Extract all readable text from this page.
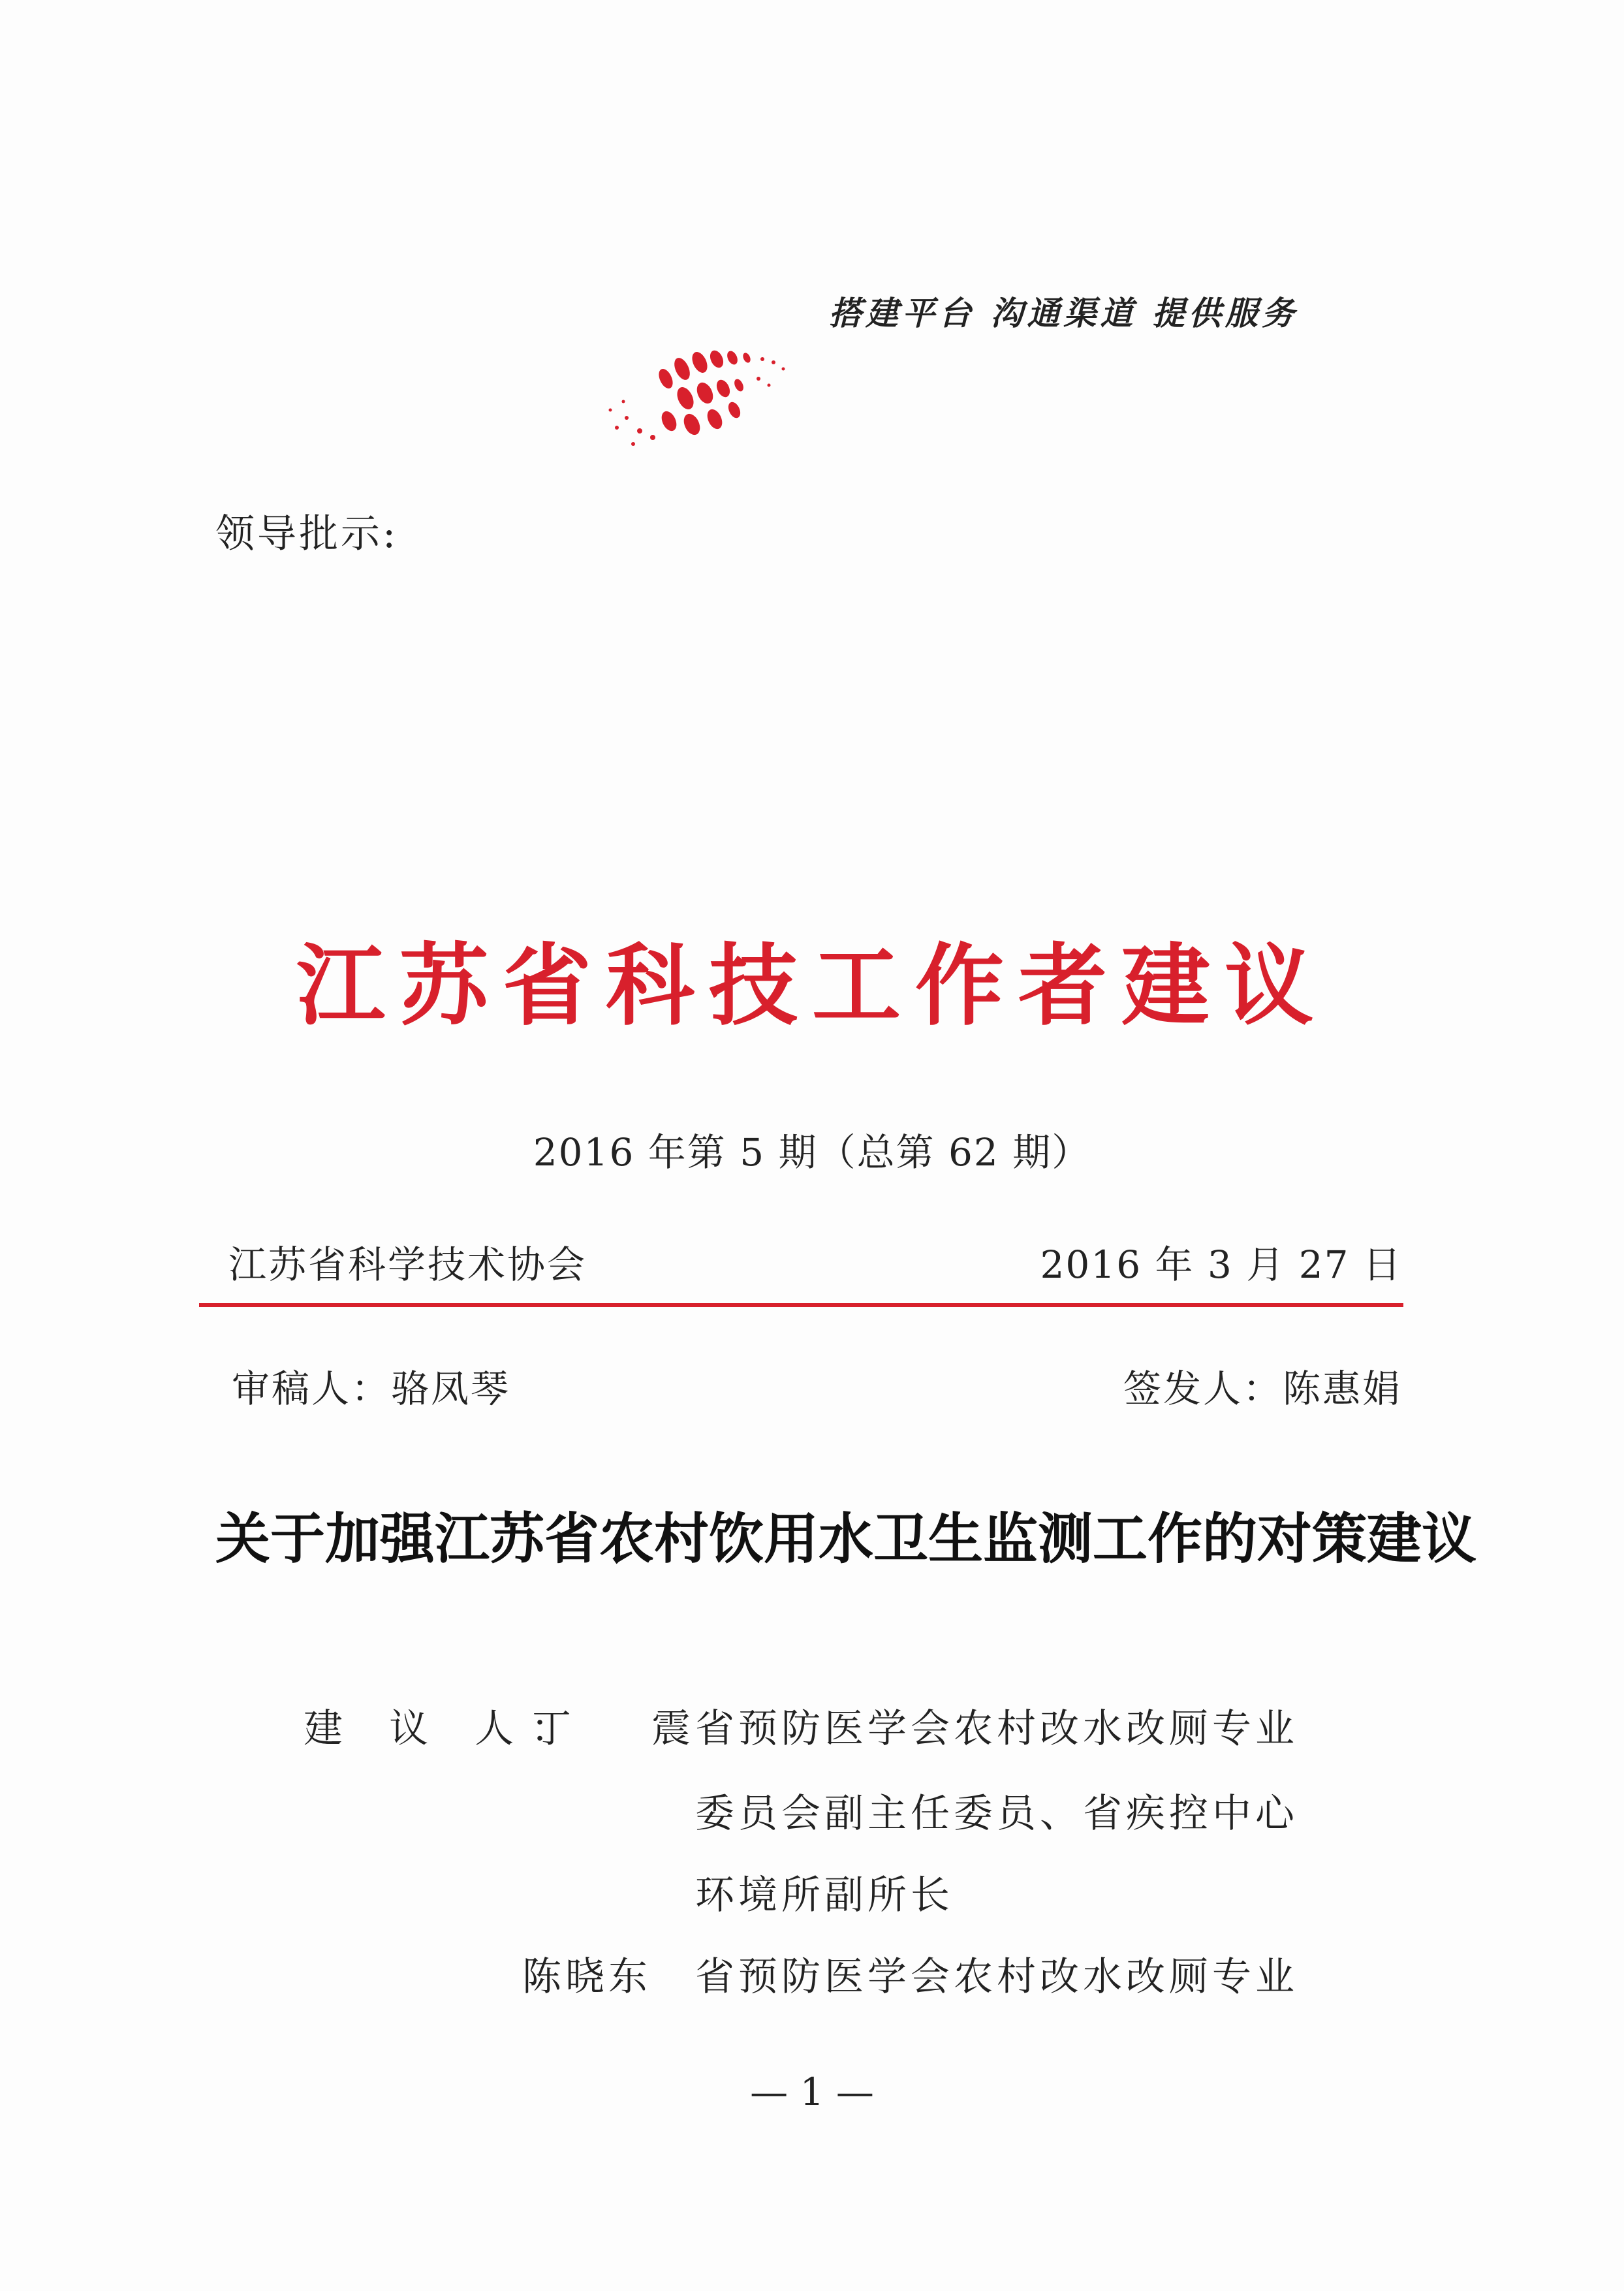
搭建平台 沟通渠道 提供服务
领导批示:
江苏省科技工作者建议
2016 年第 5 期（总第 62 期）
江苏省科学技术协会	2016 年 3 月 27 日
审稿人：骆凤琴	签发人：陈惠娟
关于加强江苏省农村饮用水卫生监测工作的对策建议
建 议 人：
丁 震
省预防医学会农村改水改厕专业
委员会副主任委员、省疾控中心
环境所副所长
陈晓东 省预防医学会农村改水改厕专业
— 1 —
